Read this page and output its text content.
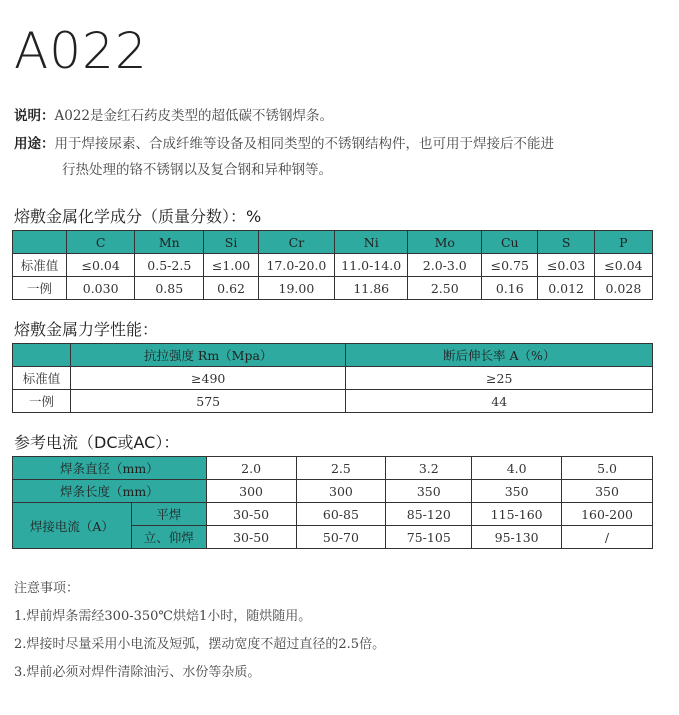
A022
说明：A022是金红石药皮类型的超低碳不锈钢焊条。
用途：用于焊接尿素、合成纤维等设备及相同类型的不锈钢结构件，也可用于焊接后不能进
行热处理的铬不锈钢以及复合钢和异种钢等。
熔敷金属化学成分（质量分数）：%
	C	Mn	Si	Cr	Ni	Mo	Cu	S	P
标准值	≤0.04	0.5-2.5	≤1.00	17.0-20.0	11.0-14.0	2.0-3.0	≤0.75	≤0.03	≤0.04
一例	0.030	0.85	0.62	19.00	11.86	2.50	0.16	0.012	0.028
熔敷金属力学性能：
	抗拉强度 Rm（Mpa）	断后伸长率 A（%）
标准值	≥490	≥25
一例	575	44
参考电流（DC或AC）：
焊条直径（mm）		2.0	2.5	3.2	4.0	5.0
焊条长度（mm）		300	300	350	350	350
焊接电流（A）	平焊	30-50	60-85	85-120	115-160	160-200
	立、仰焊	30-50	50-70	75-105	95-130	/
注意事项：
1.焊前焊条需经300-350℃烘焙1小时，随烘随用。
2.焊接时尽量采用小电流及短弧，摆动宽度不超过直径的2.5倍。
3.焊前必须对焊件清除油污、水份等杂质。
